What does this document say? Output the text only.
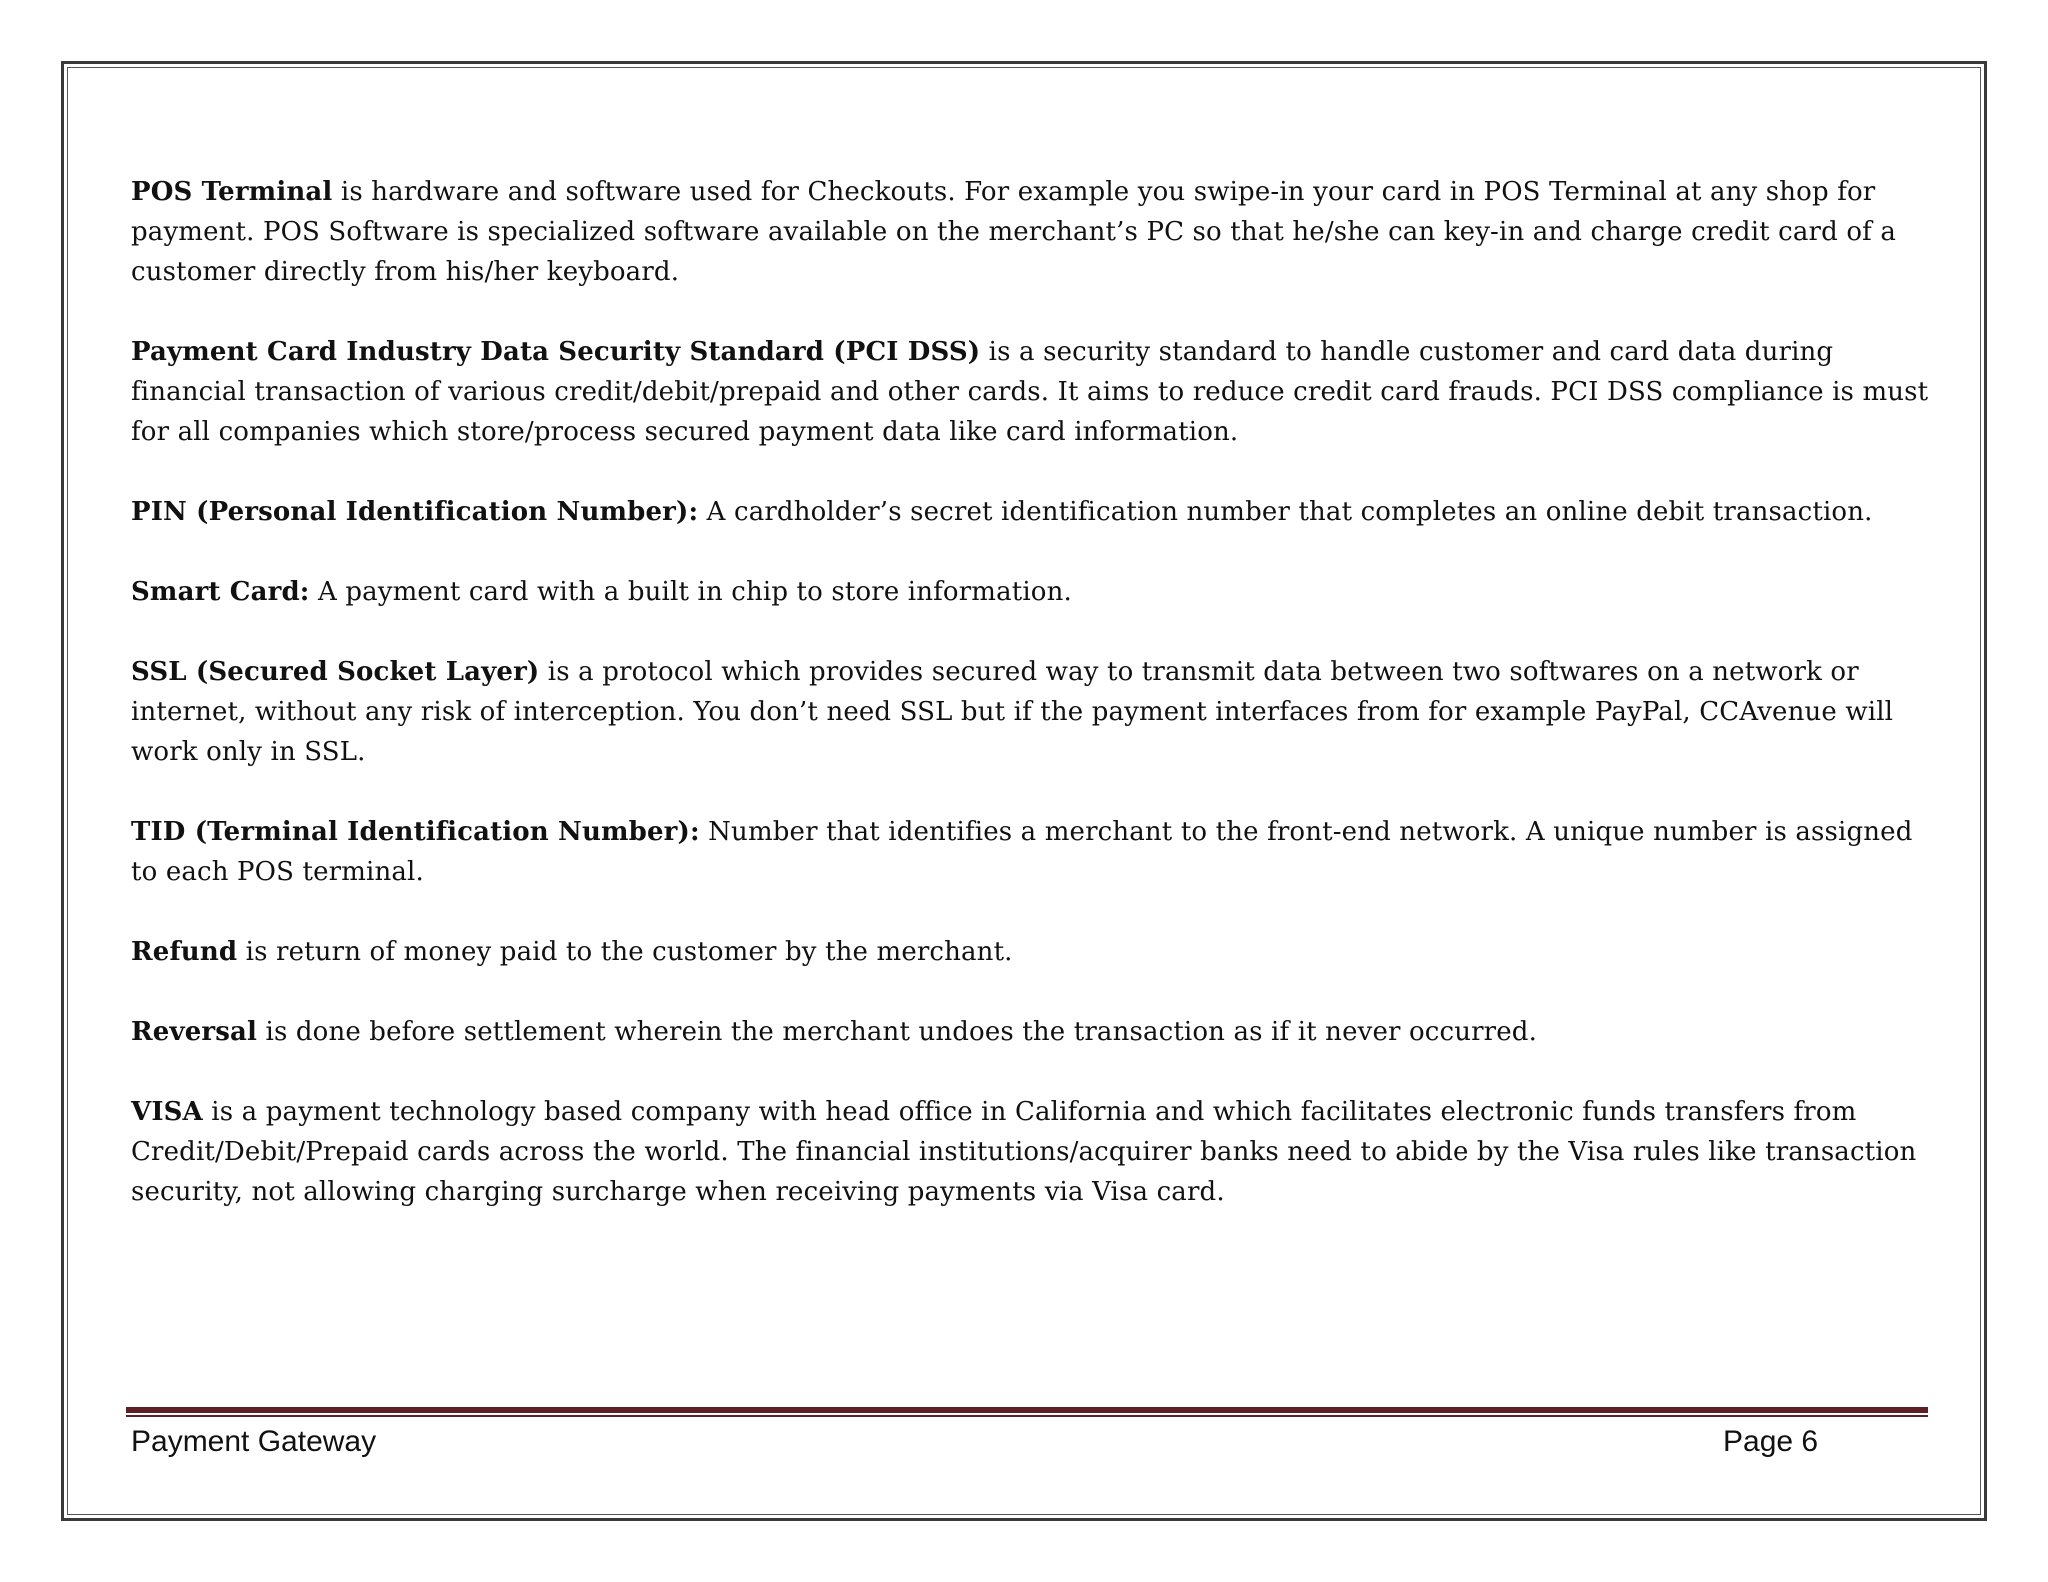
POS Terminal is hardware and software used for Checkouts. For example you swipe-in your card in POS Terminal at any shop for payment. POS Software is specialized software available on the merchant’s PC so that he/she can key-in and charge credit card of a customer directly from his/her keyboard.

Payment Card Industry Data Security Standard (PCI DSS) is a security standard to handle customer and card data during financial transaction of various credit/debit/prepaid and other cards. It aims to reduce credit card frauds. PCI DSS compliance is must for all companies which store/process secured payment data like card information.

PIN (Personal Identification Number): A cardholder’s secret identification number that completes an online debit transaction.

Smart Card: A payment card with a built in chip to store information.

SSL (Secured Socket Layer) is a protocol which provides secured way to transmit data between two softwares on a network or internet, without any risk of interception. You don’t need SSL but if the payment interfaces from for example PayPal, CCAvenue will work only in SSL.

TID (Terminal Identification Number): Number that identifies a merchant to the front-end network. A unique number is assigned to each POS terminal.

Refund is return of money paid to the customer by the merchant.

Reversal is done before settlement wherein the merchant undoes the transaction as if it never occurred.

VISA is a payment technology based company with head office in California and which facilitates electronic funds transfers from Credit/Debit/Prepaid cards across the world. The financial institutions/acquirer banks need to abide by the Visa rules like transaction security, not allowing charging surcharge when receiving payments via Visa card.

Payment Gateway	Page 6
